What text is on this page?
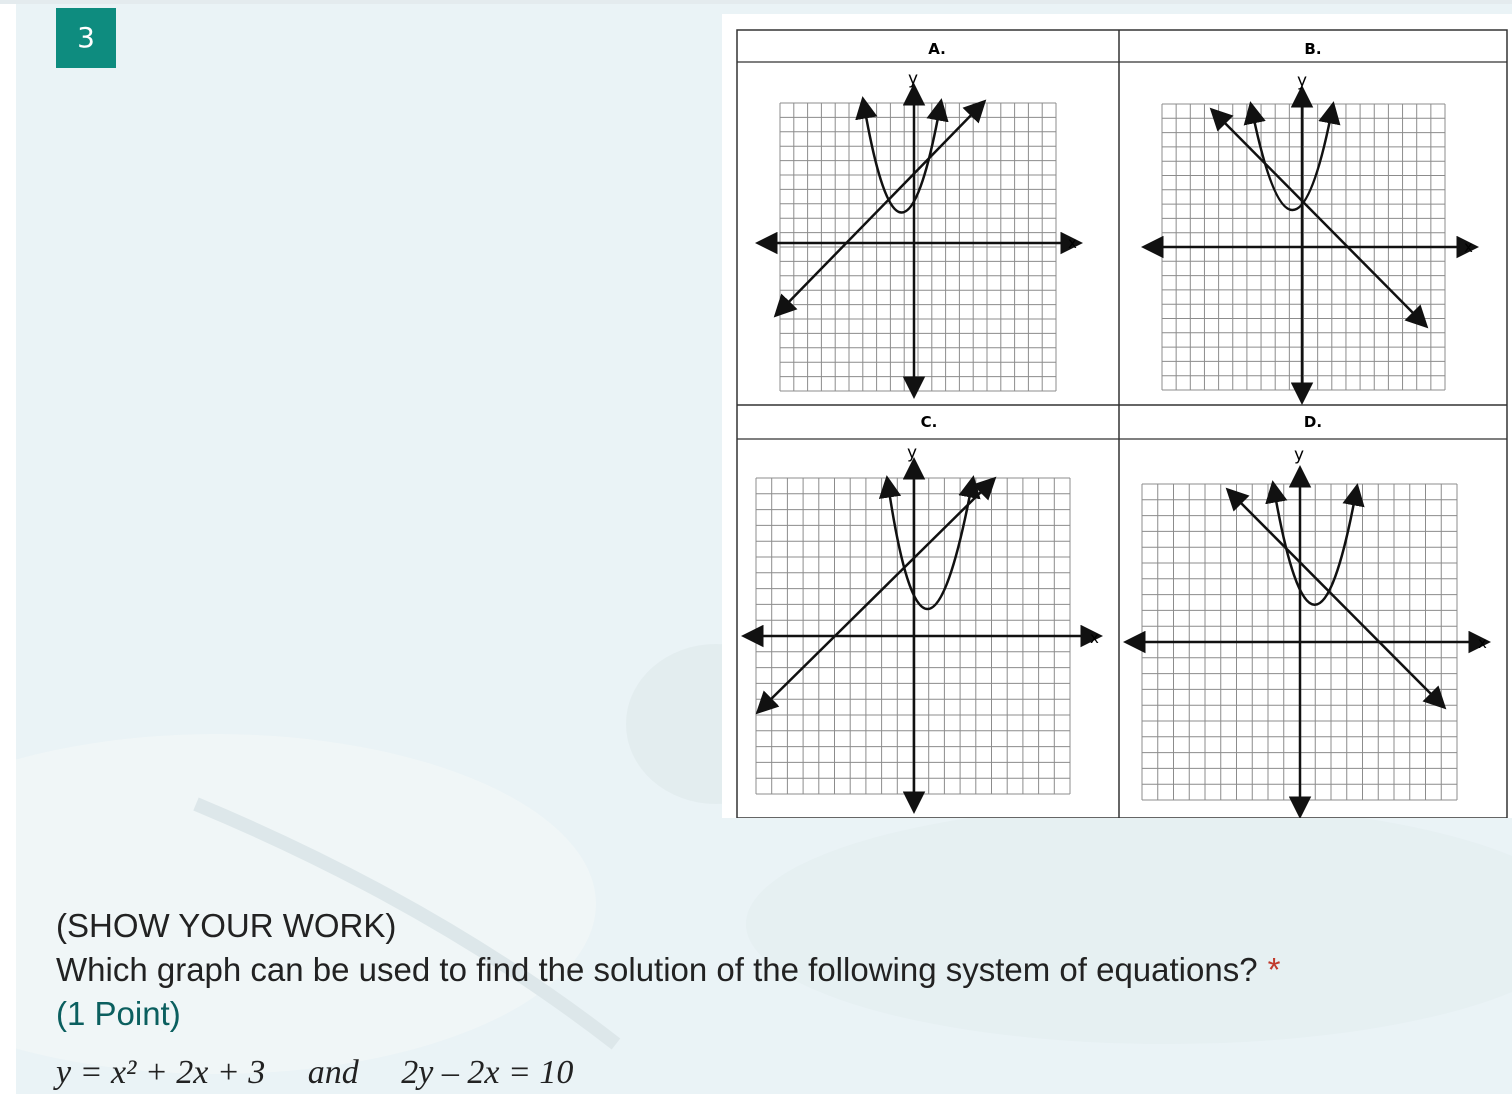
3	A.	B.
C.	D.
x
y
x
y
x
y
x
y
(SHOW YOUR WORK)
Which graph can be used to find the solution of the following system of equations? *
(1 Point)
y = x² + 2x + 3 and 2y – 2x = 10
